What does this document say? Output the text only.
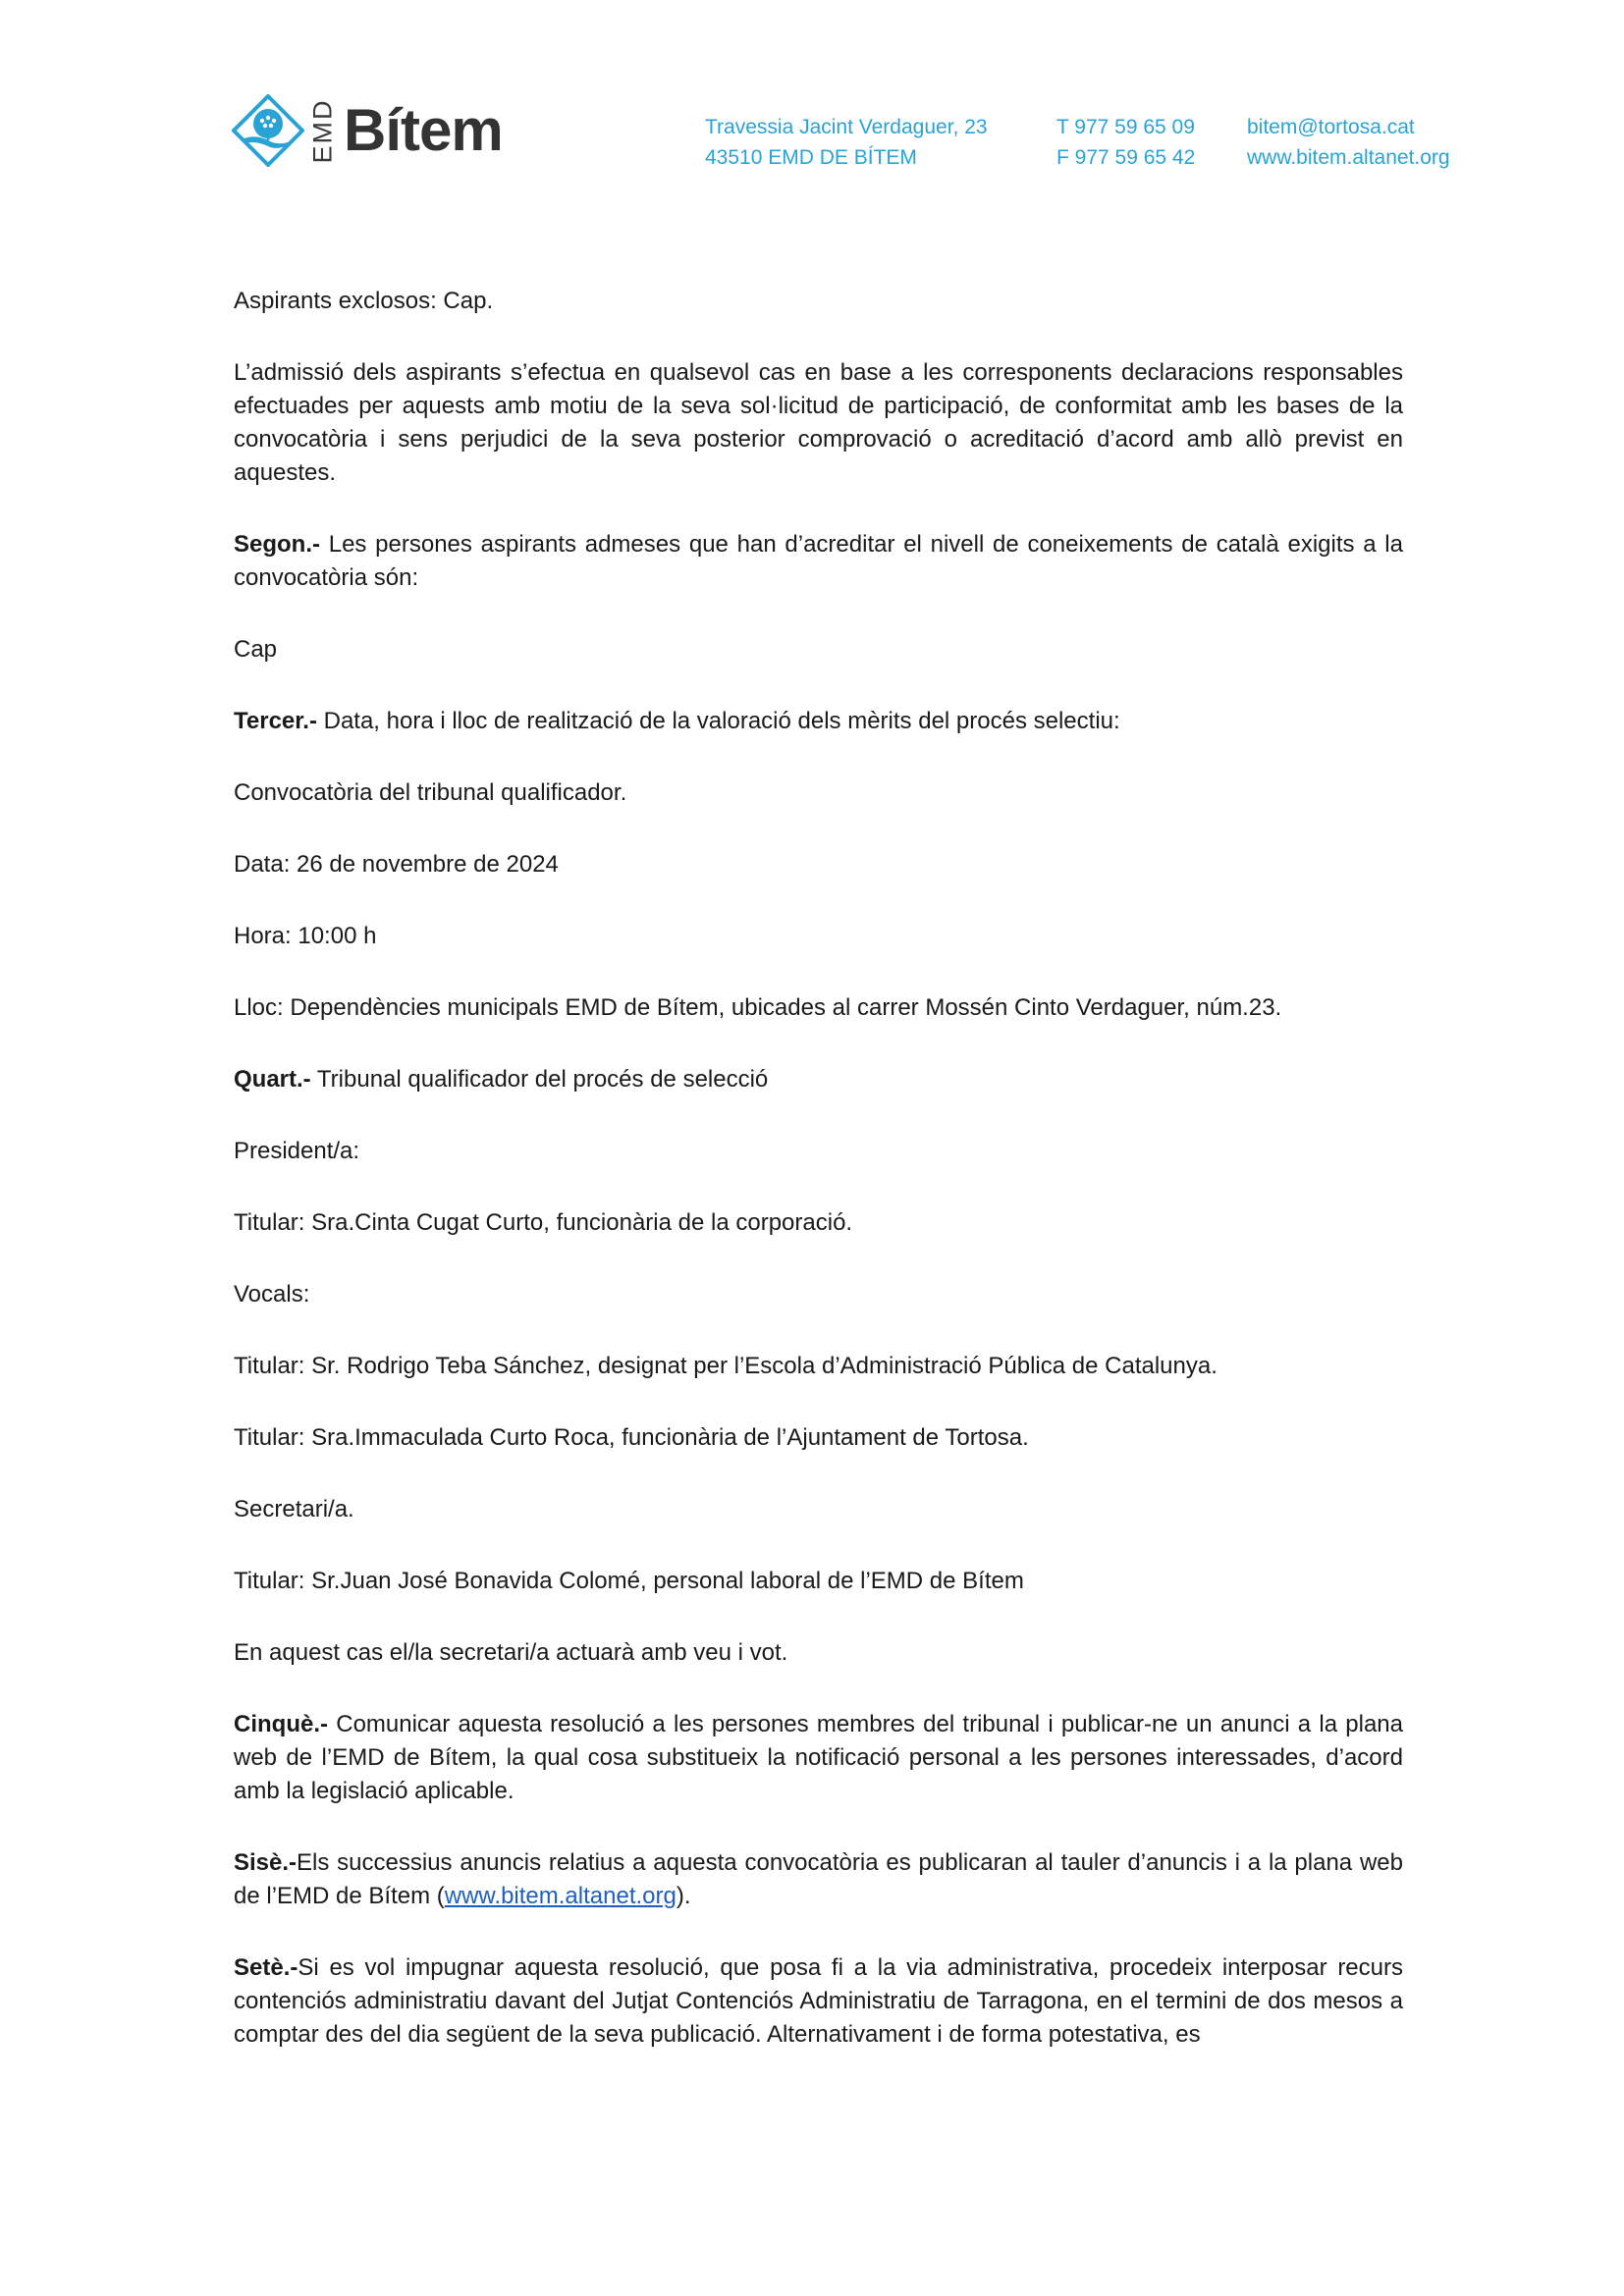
EMD Bítem	Travessia Jacint Verdaguer, 23
43510 EMD DE BÍTEM
T 977 59 65 09
F 977 59 65 42
bitem@tortosa.cat
www.bitem.altanet.org

Aspirants exclosos: Cap.

L’admissió dels aspirants s’efectua en qualsevol cas en base a les corresponents declaracions responsables efectuades per aquests amb motiu de la seva sol·licitud de participació, de conformitat amb les bases de la convocatòria i sens perjudici de la seva posterior comprovació o acreditació d’acord amb allò previst en aquestes.

Segon.- Les persones aspirants admeses que han d’acreditar el nivell de coneixements de català exigits a la convocatòria són:

Cap

Tercer.- Data, hora i lloc de realització de la valoració dels mèrits del procés selectiu:

Convocatòria del tribunal qualificador.

Data: 26 de novembre de 2024

Hora: 10:00 h

Lloc: Dependències municipals EMD de Bítem, ubicades al carrer Mossén Cinto Verdaguer, núm.23.

Quart.- Tribunal qualificador del procés de selecció

President/a:

Titular: Sra.Cinta Cugat Curto, funcionària de la corporació.

Vocals:

Titular: Sr. Rodrigo Teba Sánchez, designat per l’Escola d’Administració Pública de Catalunya.

Titular: Sra.Immaculada Curto Roca, funcionària de l’Ajuntament de Tortosa.

Secretari/a.

Titular: Sr.Juan José Bonavida Colomé, personal laboral de l’EMD de Bítem

En aquest cas el/la secretari/a actuarà amb veu i vot.

Cinquè.- Comunicar aquesta resolució a les persones membres del tribunal i publicar-ne un anunci a la plana web de l’EMD de Bítem, la qual cosa substitueix la notificació personal a les persones interessades, d’acord amb la legislació aplicable.

Sisè.-Els successius anuncis relatius a aquesta convocatòria es publicaran al tauler d’anuncis i a la plana web de l’EMD de Bítem (www.bitem.altanet.org).

Setè.-Si es vol impugnar aquesta resolució, que posa fi a la via administrativa, procedeix interposar recurs contenciós administratiu davant del Jutjat Contenciós Administratiu de Tarragona, en el termini de dos mesos a comptar des del dia següent de la seva publicació. Alternativament i de forma potestativa, es
